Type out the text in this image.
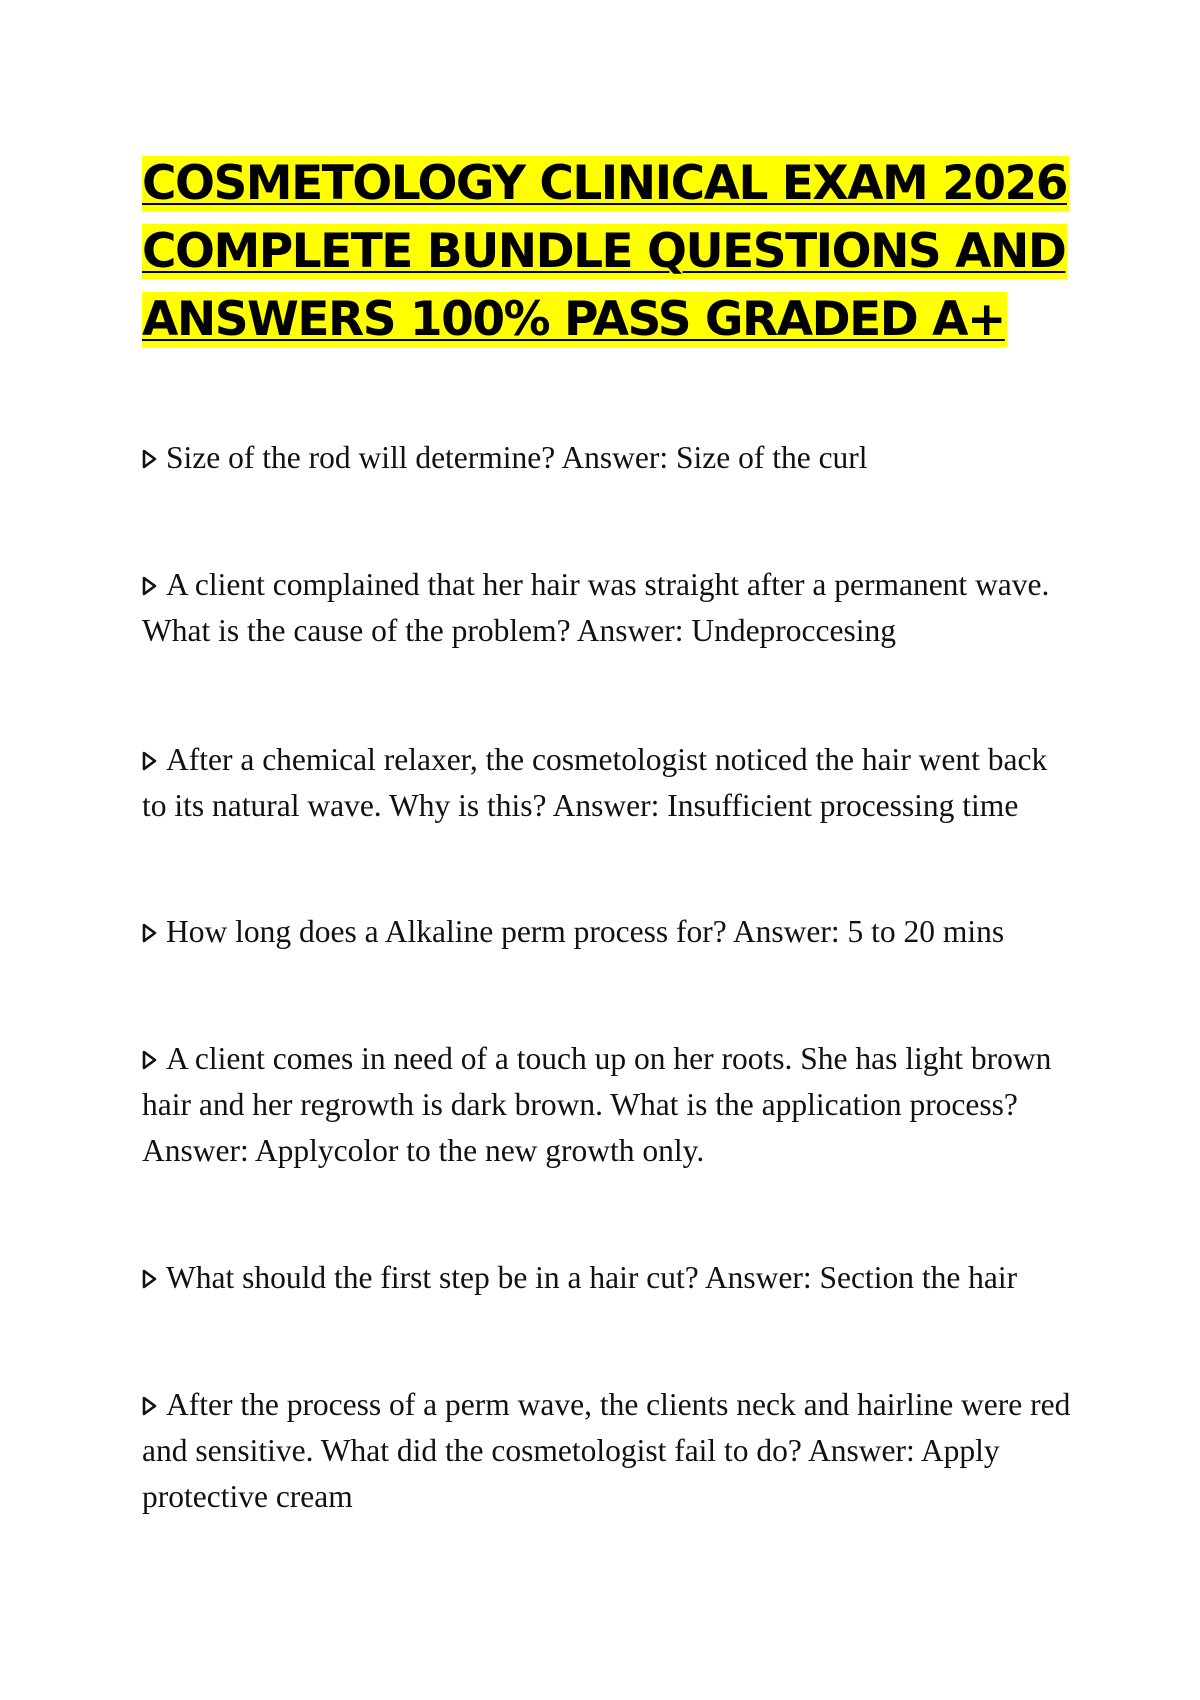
COSMETOLOGY CLINICAL EXAM 2026
COMPLETE BUNDLE QUESTIONS AND
ANSWERS 100% PASS GRADED A+

Size of the rod will determine? Answer: Size of the curl

A client complained that her hair was straight after a permanent wave. What is the cause of the problem? Answer: Undeproccesing

After a chemical relaxer, the cosmetologist noticed the hair went back to its natural wave. Why is this? Answer: Insufficient processing time

How long does a Alkaline perm process for? Answer: 5 to 20 mins

A client comes in need of a touch up on her roots. She has light brown hair and her regrowth is dark brown. What is the application process? Answer: Applycolor to the new growth only.

What should the first step be in a hair cut? Answer: Section the hair

After the process of a perm wave, the clients neck and hairline were red and sensitive. What did the cosmetologist fail to do? Answer: Apply protective cream
